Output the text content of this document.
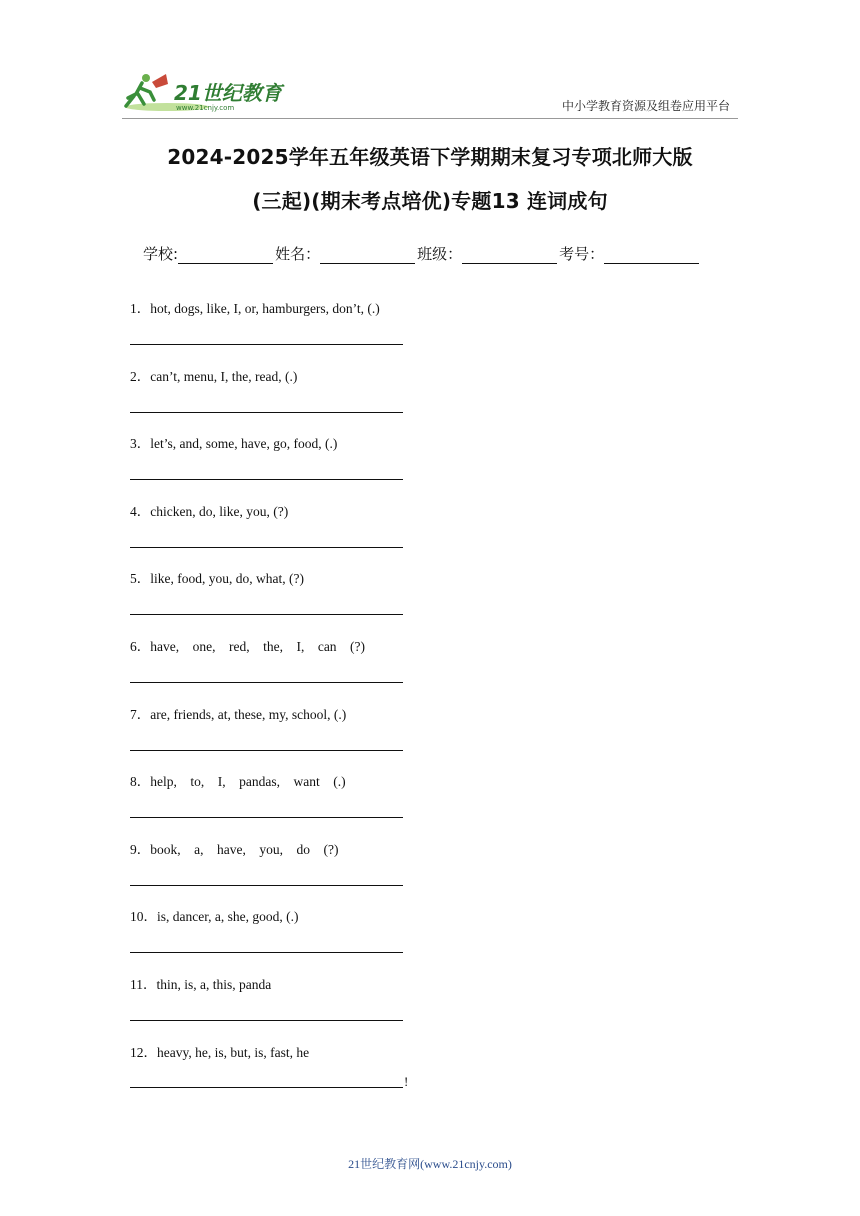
21世纪教育
www.21cnjy.com	中小学教育资源及组卷应用平台
2024-2025学年五年级英语下学期期末复习专项北师大版
(三起)(期末考点培优)专题13 连词成句
学校:	姓名：	班级：	考号：
1．hot, dogs, like, I, or, hamburgers, don’t, (.)
2．can’t, menu, I, the, read, (.)
3．let’s, and, some, have, go, food, (.)
4．chicken, do, like, you, (?)
5．like, food, you, do, what, (?)
6．have,    one,    red,    the,    I,    can    (?)
7．are, friends, at, these, my, school, (.)
8．help,    to,    I,    pandas,    want    (.)
9．book,    a,    have,    you,    do    (?)
10．is, dancer, a, she, good, (.)
11．thin, is, a, this, panda
12．heavy, he, is, but, is, fast, he
!
21世纪教育网(www.21cnjy.com)
